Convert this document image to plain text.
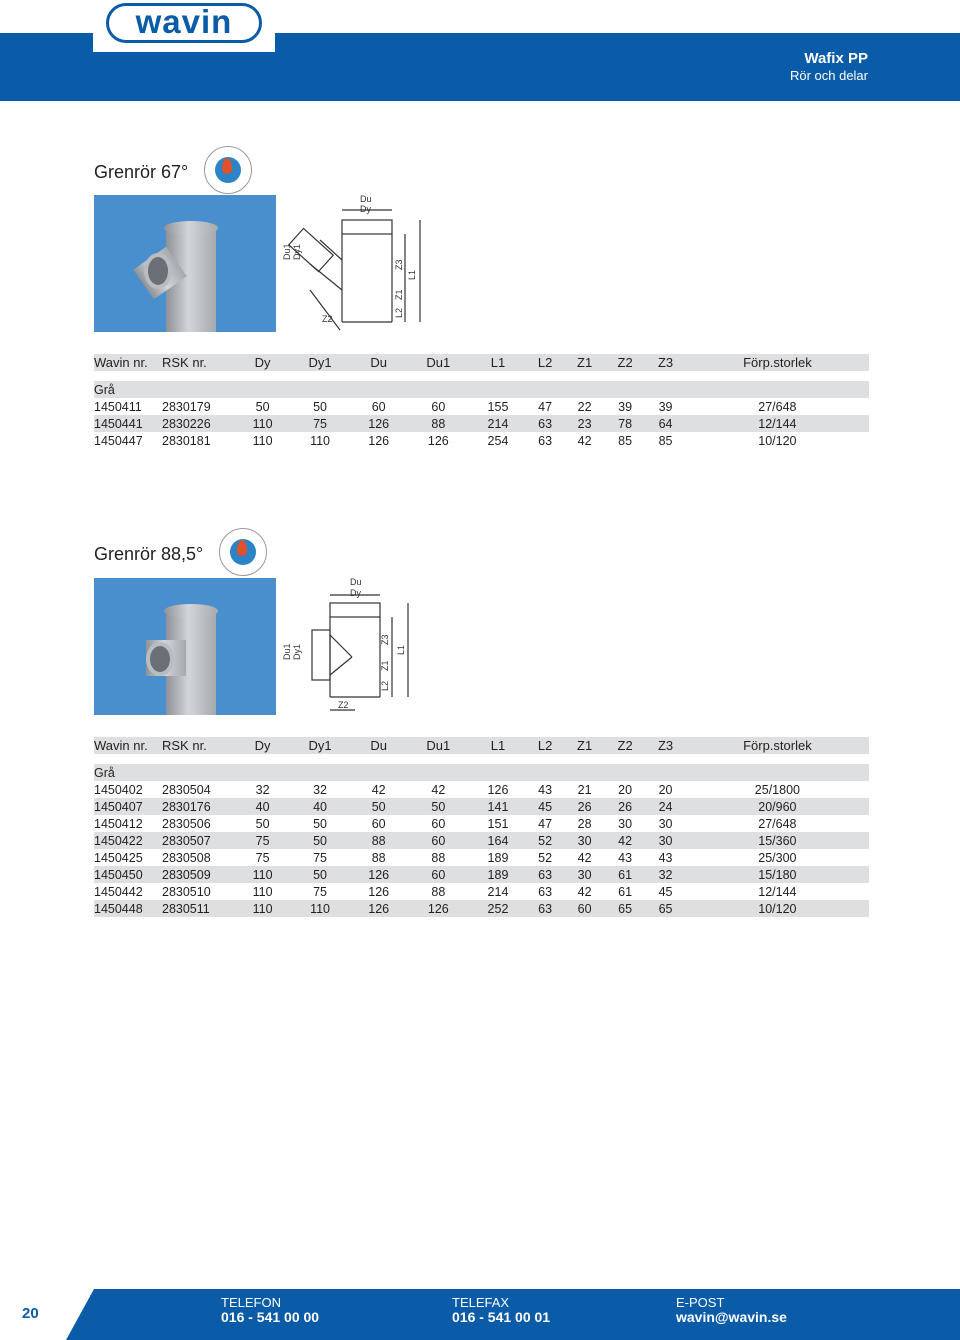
Wafix PP
Rör och delar
wavin
Grenrör 67°
Du
Dy
Du1 Dy1
Z3
L1
Z1
L2
Z2
Wavin nr.	RSK nr.	Dy	Dy1	Du	Du1	L1	L2	Z1	Z2	Z3	Förp.storlek

Grå											
1450411	2830179	50	50	60	60	155	47	22	39	39	27/648
1450441	2830226	110	75	126	88	214	63	23	78	64	12/144
1450447	2830181	110	110	126	126	254	63	42	85	85	10/120
Grenrör 88,5°
Du
Dy
Du1 Dy1
Z3
L1
Z1
L2
Z2
Wavin nr.	RSK nr.	Dy	Dy1	Du	Du1	L1	L2	Z1	Z2	Z3	Förp.storlek

Grå											
1450402	2830504	32	32	42	42	126	43	21	20	20	25/1800
1450407	2830176	40	40	50	50	141	45	26	26	24	20/960
1450412	2830506	50	50	60	60	151	47	28	30	30	27/648
1450422	2830507	75	50	88	60	164	52	30	42	30	15/360
1450425	2830508	75	75	88	88	189	52	42	43	43	25/300
1450450	2830509	110	50	126	60	189	63	30	61	32	15/180
1450442	2830510	110	75	126	88	214	63	42	61	45	12/144
1450448	2830511	110	110	126	126	252	63	60	65	65	10/120
20
TELEFON
016 - 541 00 00
TELEFAX
016 - 541 00 01
E-POST
wavin@wavin.se
